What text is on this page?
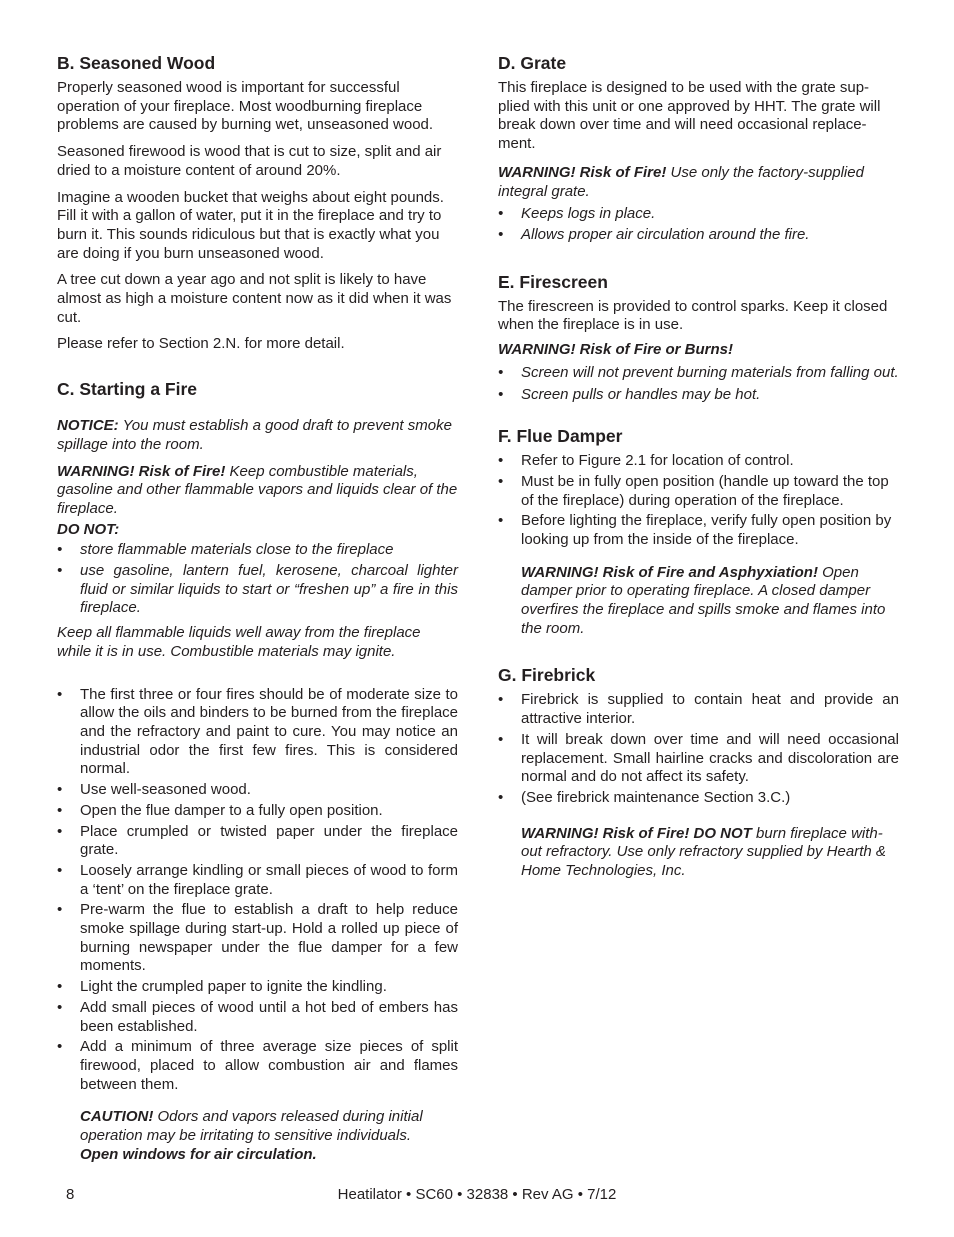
B. Seasoned Wood

Properly seasoned wood is important for successful operation of your fireplace. Most woodburning fireplace problems are caused by burning wet, unseasoned wood.

Seasoned firewood is wood that is cut to size, split and air dried to a moisture content of around 20%.

Imagine a wooden bucket that weighs about eight pounds. Fill it with a gallon of water, put it in the fireplace and try to burn it. This sounds ridiculous but that is exactly what you are doing if you burn unseasoned wood.

A tree cut down a year ago and not split is likely to have almost as high a moisture content now as it did when it was cut.

Please refer to Section 2.N. for more detail.

C. Starting a Fire

NOTICE: You must establish a good draft to prevent smoke spillage into the room.

WARNING! Risk of Fire! Keep combustible materials, gasoline and other flammable vapors and liquids clear of the fireplace.

DO NOT:

• store flammable materials close to the fireplace
• use gasoline, lantern fuel, kerosene, charcoal lighter fluid or similar liquids to start or “freshen up” a fire in this fireplace.

Keep all flammable liquids well away from the fireplace while it is in use. Combustible materials may ignite.

• The first three or four fires should be of moderate size to allow the oils and binders to be burned from the fireplace and the refractory and paint to cure. You may notice an industrial odor the first few fires. This is considered normal.
• Use well-seasoned wood.
• Open the flue damper to a fully open position.
• Place crumpled or twisted paper under the fireplace grate.
• Loosely arrange kindling or small pieces of wood to form a ‘tent’ on the fireplace grate.
• Pre-warm the flue to establish a draft to help reduce smoke spillage during start-up. Hold a rolled up piece of burning newspaper under the flue damper for a few moments.
• Light the crumpled paper to ignite the kindling.
• Add small pieces of wood until a hot bed of embers has been established.
• Add a minimum of three average size pieces of split firewood, placed to allow combustion air and flames between them.

CAUTION! Odors and vapors released during initial operation may be irritating to sensitive individuals.
Open windows for air circulation.

D. Grate

This fireplace is designed to be used with the grate sup-plied with this unit or one approved by HHT. The grate will break down over time and will need occasional replace-ment.

WARNING! Risk of Fire! Use only the factory-supplied integral grate.

• Keeps logs in place.
• Allows proper air circulation around the fire.
E. Firescreen

The firescreen is provided to control sparks. Keep it closed when the fireplace is in use.

WARNING! Risk of Fire or Burns!

• Screen will not prevent burning materials from falling out.
• Screen pulls or handles may be hot.
F. Flue Damper
• Refer to Figure 2.1 for location of control.
• Must be in fully open position (handle up toward the top of the fireplace) during operation of the fireplace.
• Before lighting the fireplace, verify fully open position by looking up from the inside of the fireplace.

WARNING! Risk of Fire and Asphyxiation! Open damper prior to operating fireplace. A closed damper overfires the fireplace and spills smoke and flames into the room.

G. Firebrick
• Firebrick is supplied to contain heat and provide an attractive interior.
• It will break down over time and will need occasional replacement. Small hairline cracks and discoloration are normal and do not affect its safety.
• (See firebrick maintenance Section 3.C.)

WARNING! Risk of Fire! DO NOT burn fireplace with-out refractory. Use only refractory supplied by Hearth & Home Technologies, Inc.

8	Heatilator • SC60 • 32838 • Rev AG • 7/12
